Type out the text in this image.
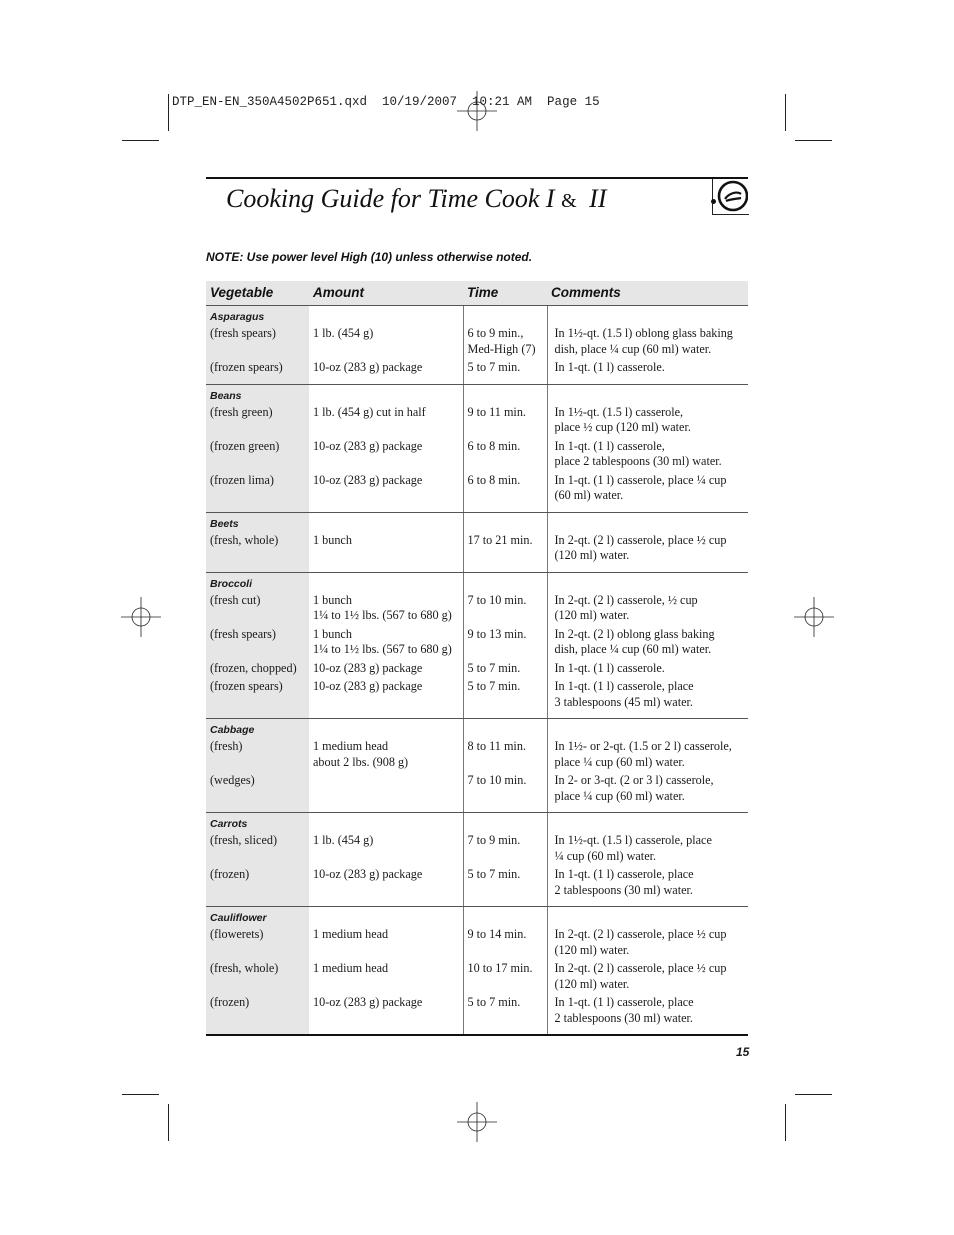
DTP_EN-EN_350A4502P651.qxd  10/19/2007  10:21 AM  Page 15
Cooking Guide for Time Cook I & II
NOTE: Use power level High (10) unless otherwise noted.
Vegetable	Amount	Time	Comments
Asparagus			
(fresh spears)	1 lb. (454 g)	6 to 9 min.,
Med-High (7)	In 1½-qt. (1.5 l) oblong glass baking
dish, place ¼ cup (60 ml) water.
(frozen spears)	10-oz (283 g) package	5 to 7 min.	In 1-qt. (1 l) casserole.
Beans			
(fresh green)	1 lb. (454 g) cut in half	9 to 11 min.	In 1½-qt. (1.5 l) casserole,
place ½ cup (120 ml) water.
(frozen green)	10-oz (283 g) package	6 to 8 min.	In 1-qt. (1 l) casserole,
place 2 tablespoons (30 ml) water.
(frozen lima)	10-oz (283 g) package	6 to 8 min.	In 1-qt. (1 l) casserole, place ¼ cup
(60 ml) water.
Beets			
(fresh, whole)	1 bunch	17 to 21 min.	In 2-qt. (2 l) casserole, place ½ cup
(120 ml) water.
Broccoli			
(fresh cut)	1 bunch
1¼ to 1½ lbs. (567 to 680 g)	7 to 10 min.	In 2-qt. (2 l) casserole, ½ cup
(120 ml) water.
(fresh spears)	1 bunch
1¼ to 1½ lbs. (567 to 680 g)	9 to 13 min.	In 2-qt. (2 l) oblong glass baking
dish, place ¼ cup (60 ml) water.
(frozen, chopped)	10-oz (283 g) package	5 to 7 min.	In 1-qt. (1 l) casserole.
(frozen spears)	10-oz (283 g) package	5 to 7 min.	In 1-qt. (1 l) casserole, place
3 tablespoons (45 ml) water.
Cabbage			
(fresh)	1 medium head
about 2 lbs. (908 g)	8 to 11 min.	In 1½- or 2-qt. (1.5 or 2 l) casserole,
place ¼ cup (60 ml) water.
(wedges)		7 to 10 min.	In 2- or 3-qt. (2 or 3 l) casserole,
place ¼ cup (60 ml) water.
Carrots			
(fresh, sliced)	1 lb. (454 g)	7 to 9 min.	In 1½-qt. (1.5 l) casserole, place
¼ cup (60 ml) water.
(frozen)	10-oz (283 g) package	5 to 7 min.	In 1-qt. (1 l) casserole, place
2 tablespoons (30 ml) water.
Cauliflower			
(flowerets)	1 medium head	9 to 14 min.	In 2-qt. (2 l) casserole, place ½ cup
(120 ml) water.
(fresh, whole)	1 medium head	10 to 17 min.	In 2-qt. (2 l) casserole, place ½ cup
(120 ml) water.
(frozen)	10-oz (283 g) package	5 to 7 min.	In 1-qt. (1 l) casserole, place
2 tablespoons (30 ml) water.
15
